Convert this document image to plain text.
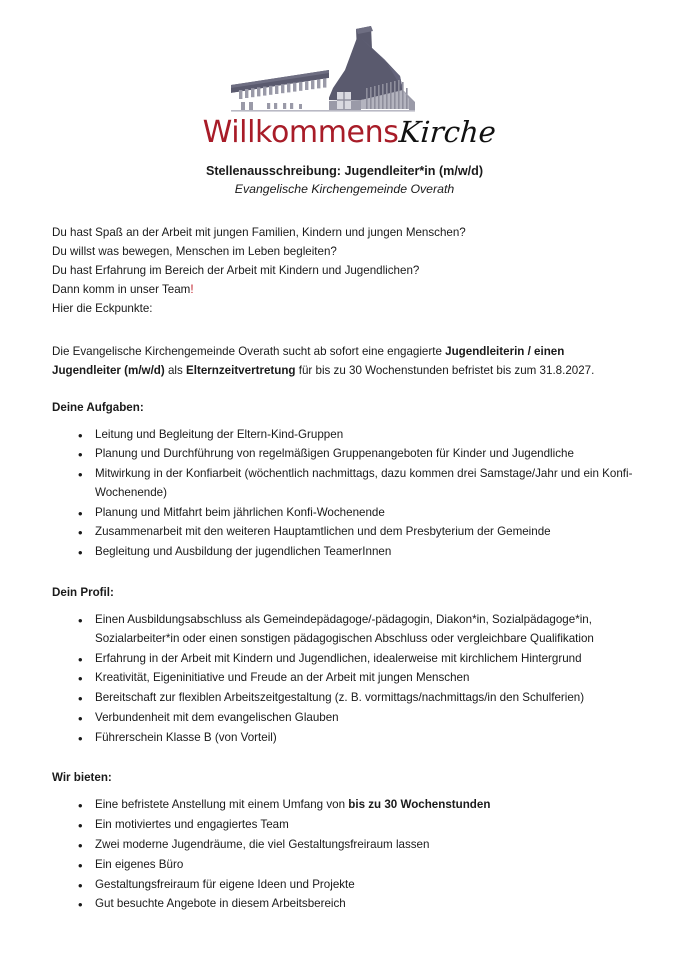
Willkommens Kirche
Stellenausschreibung: Jugendleiter*in (m/w/d)
Evangelische Kirchengemeinde Overath
Du hast Spaß an der Arbeit mit jungen Familien, Kindern und jungen Menschen?
Du willst was bewegen, Menschen im Leben begleiten?
Du hast Erfahrung im Bereich der Arbeit mit Kindern und Jugendlichen?
Dann komm in unser Team!
Hier die Eckpunkte:

Die Evangelische Kirchengemeinde Overath sucht ab sofort eine engagierte Jugendleiterin / einen Jugendleiter (m/w/d) als Elternzeitvertretung für bis zu 30 Wochenstunden befristet bis zum 31.8.2027.

Deine Aufgaben:
• Leitung und Begleitung der Eltern-Kind-Gruppen
• Planung und Durchführung von regelmäßigen Gruppenangeboten für Kinder und Jugendliche
• Mitwirkung in der Konfiarbeit (wöchentlich nachmittags, dazu kommen drei Samstage/Jahr und ein Konfi-Wochenende)
• Planung und Mitfahrt beim jährlichen Konfi-Wochenende
• Zusammenarbeit mit den weiteren Hauptamtlichen und dem Presbyterium der Gemeinde
• Begleitung und Ausbildung der jugendlichen TeamerInnen
Dein Profil:
• Einen Ausbildungsabschluss als Gemeindepädagoge/-pädagogin, Diakon*in, Sozialpädagoge*in, Sozialarbeiter*in oder einen sonstigen pädagogischen Abschluss oder vergleichbare Qualifikation
• Erfahrung in der Arbeit mit Kindern und Jugendlichen, idealerweise mit kirchlichem Hintergrund
• Kreativität, Eigeninitiative und Freude an der Arbeit mit jungen Menschen
• Bereitschaft zur flexiblen Arbeitszeitgestaltung (z. B. vormittags/nachmittags/in den Schulferien)
• Verbundenheit mit dem evangelischen Glauben
• Führerschein Klasse B (von Vorteil)
Wir bieten:
• Eine befristete Anstellung mit einem Umfang von bis zu 30 Wochenstunden
• Ein motiviertes und engagiertes Team
• Zwei moderne Jugendräume, die viel Gestaltungsfreiraum lassen
• Ein eigenes Büro
• Gestaltungsfreiraum für eigene Ideen und Projekte
• Gut besuchte Angebote in diesem Arbeitsbereich
